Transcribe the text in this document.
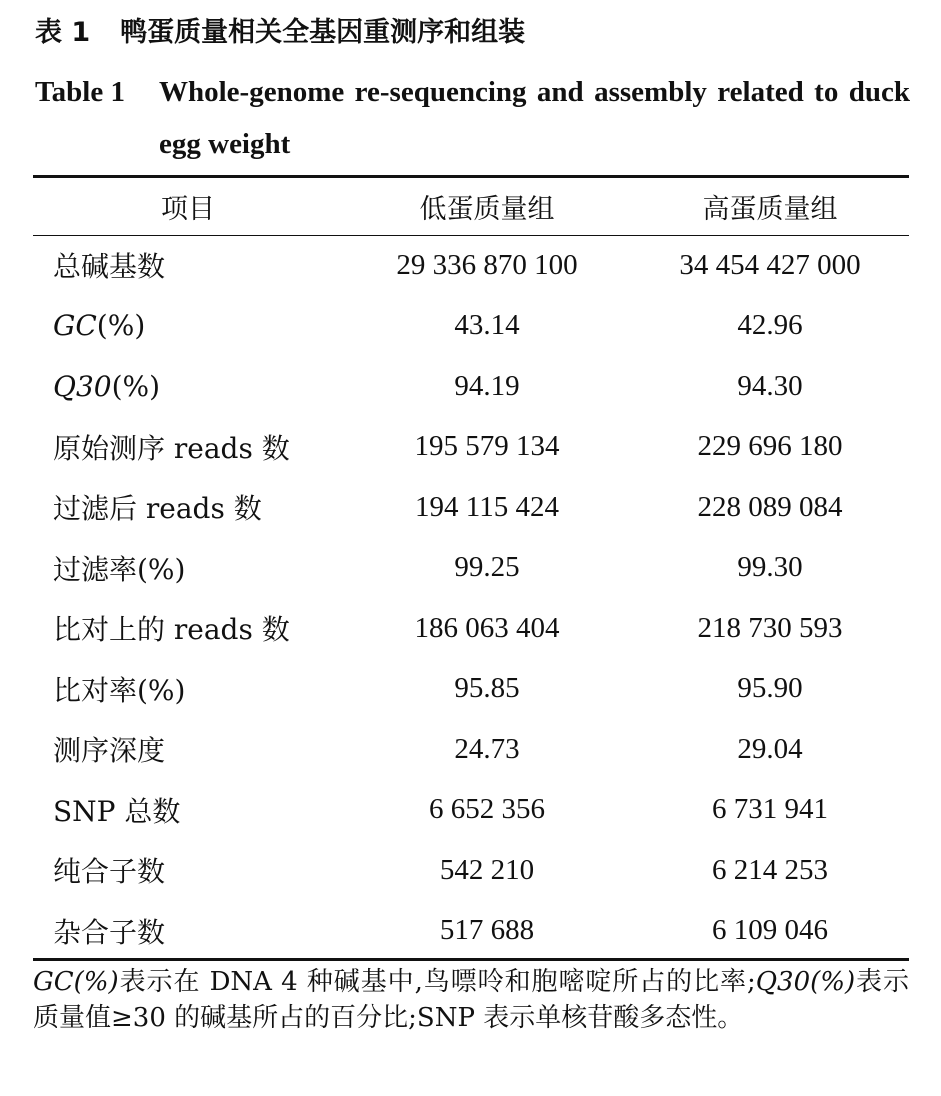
表 1 鸭蛋质量相关全基因重测序和组装
Table 1 Whole-genome re-sequencing and assembly related to duck egg weight
项目	低蛋质量组	高蛋质量组
总碱基数	29 336 870 100	34 454 427 000
GC(%)	43.14	42.96
Q30(%)	94.19	94.30
原始测序 reads 数	195 579 134	229 696 180
过滤后 reads 数	194 115 424	228 089 084
过滤率(%)	99.25	99.30
比对上的 reads 数	186 063 404	218 730 593
比对率(%)	95.85	95.90
测序深度	24.73	29.04
SNP 总数	6 652 356	6 731 941
纯合子数	542 210	6 214 253
杂合子数	517 688	6 109 046
GC(%)表示在 DNA 4 种碱基中,鸟嘌呤和胞嘧啶所占的比率;Q30(%)表示质量值≥30 的碱基所占的百分比;SNP 表示单核苷酸多态性。
